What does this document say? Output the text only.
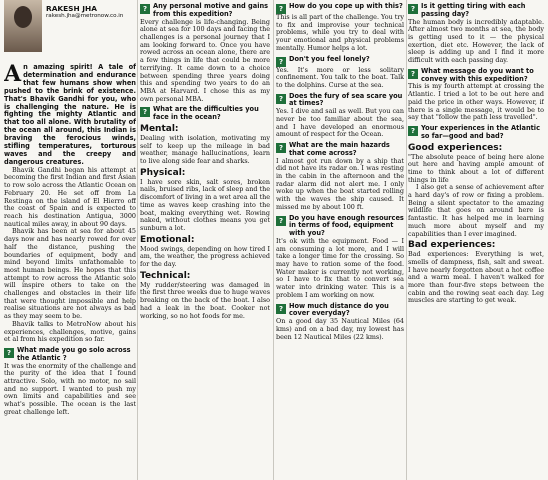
RAKESH JHA
rakesh.jha@metronow.co.in

An amazing spirit! A tale of determination and endurance that few humans show when pushed to the brink of existence. That's Bhavik Gandhi for you, who is challenging the nature. He is fighting the mighty Atlantic and that too all alone. With brutality of the ocean all around, this Indian is braving the ferocious winds, stifling temperatures, torturous waves and the creepy and dangerous creatures.

Bhavik Gandhi began his attempt at becoming the first Indian and first Asian to row solo across the Atlantic Ocean on February 20. He set off from La Restinga on the island of El Hierro off the coast of Spain and is expected to reach his destination Antigua, 3000 nautical miles away, in about 90 days.

Bhavik has been at sea for about 45 days now and has nearly rowed for over half the distance, pushing the boundaries of equipment, body and mind beyond limits unfathomable to most human beings. He hopes that this attempt to row across the Atlantic solo will inspire others to take on the challenges and obstacles in their life that were thought impossible and help realise situations are not always as bad as they may seem to be.

Bhavik talks to MetroNow about his experiences, challenges, motive, gains et al from his expedition so far.

? What made you go solo across the Atlantic ?

It was the enormity of the challenge and the purity of the idea that I found attractive. Solo, with no motor, no sail and no support. I wanted to push my own limits and capabilities and see what's possible. The ocean is the last great challenge left.

? Any personal motive and gains from this expedition?

Every challenge is life-changing. Being alone at sea for 100 days and facing the challenges is a personal journey that I am looking forward to. Once you have rowed across an ocean alone, there are a few things in life that could be more terrifying. It came down to a choice between spending three years doing this and spending two years to do an MBA at Harvard. I chose this as my own personal MBA.

? What are the difficulties you face in the ocean?
Mental:

Dealing with isolation, motivating my self to keep up the mileage in bad weather, manage hallucinations, learn to live along side fear and sharks.

Physical:

I have sore skin, salt sores, broken nails, bruised ribs, lack of sleep and the discomfort of living in a wet area all the time as waves keep crashing into the boat, making everything wet. Rowing naked, without clothes means you get sunburn a lot.

Emotional:

Mood swings, depending on how tired I am, the weather, the progress achieved for the day.

Technical:

My rudder/steering was damaged in the first three weeks due to huge waves breaking on the back of the boat. I also had a leak in the boat. Cooker not working, so no hot foods for me.

? How do you cope up with this?

This is all part of the challenge. You try to fix and improvise your technical problems, while you try to deal with your emotional and physical problems mentally. Humor helps a lot.

? Don't you feel lonely?

Yes. It's more or less solitary confinement. You talk to the boat. Talk to the dolphins. Curse at the sea.

? Does the fury of sea scare you at times?

Yes. I dive and sail as well. But you can never be too familiar about the sea, and I have developed an enormous amount of respect for the Ocean.

? What are the main hazards that come across?

I almost got run down by a ship that did not have its radar on. I was resting in the cabin in the afternoon and the radar alarm did not alert me. I only woke up when the boat started rolling with the waves the ship caused. It missed me by about 100 ft.

? Do you have enough resources in terms of food, equipment with you?

It's ok with the equipment. Food — I am consuming a lot more, and I will take a longer time for the crossing. So may have to ration some of the food. Water maker is currently not working, so I have to fix that to convert sea water into drinking water. This is a problem I am working on now.

? How much distance do you cover everyday?

On a good day 35 Nautical Miles (64 kms) and on a bad day, my lowest has been 12 Nautical Miles (22 kms).

? Is it getting tiring with each passing day?

The human body is incredibly adaptable. After almost two months at sea, the body is getting used to it — the physical exertion, diet etc. However, the lack of sleep is adding up and I find it more difficult with each passing day.

? What message do you want to convey with this expedition?

This is my fourth attempt at crossing the Atlantic. I tried a lot to be out here and paid the price in other ways. However, if there is a single message, it would be to say that "follow the path less travelled".

? Your experiences in the Atlantic so far—good and bad?
Good experiences:

"The absolute peace of being here alone out here and having ample amount of time to think about a lot of different things in life

I also get a sense of achievement after a hard day's of row or fixing a problem. Being a silent spectator to the amazing wildlife that goes on around here is fantastic. It has helped me in learning much more about myself and my capabilities than I ever imagined.

Bad experiences:

Bad experiences: Everything is wet, smells of dampness, fish, salt and sweat. I have nearly forgotten about a hot coffee and a warm meal. I haven't walked for more than four-five steps between the cabin and the rowing seat each day. Leg muscles are starting to get weak.
